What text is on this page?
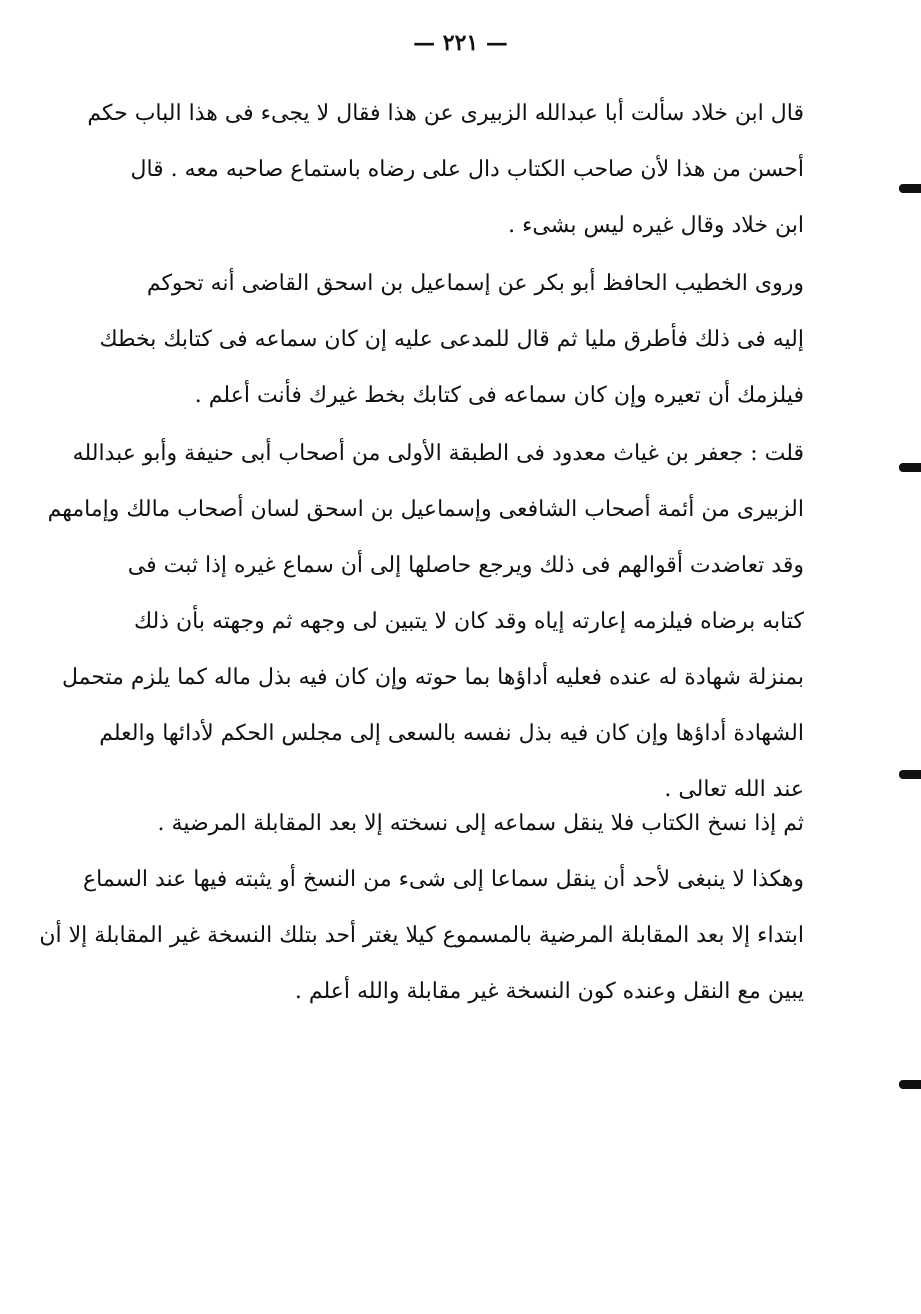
— ٢٢١ —
قال ابن خلاد سألت أبا عبدالله الزبيرى عن هذا فقال لا يجىء فى هذا الباب حكم
أحسن من هذا لأن صاحب الكتاب دال على رضاه باستماع صاحبه معه . قال
ابن خلاد وقال غيره ليس بشىء .
وروى الخطيب الحافظ أبو بكر عن إسماعيل بن اسحق القاضى أنه تحوكم
إليه فى ذلك فأطرق مليا ثم قال للمدعى عليه إن كان سماعه فى كتابك بخطك
فيلزمك أن تعيره وإن كان سماعه فى كتابك بخط غيرك فأنت أعلم .
قلت : جعفر بن غياث معدود فى الطبقة الأولى من أصحاب أبى حنيفة وأبو عبدالله
الزبيرى من أئمة أصحاب الشافعى وإسماعيل بن اسحق لسان أصحاب مالك وإمامهم
وقد تعاضدت أقوالهم فى ذلك ويرجع حاصلها إلى أن سماع غيره إذا ثبت فى
كتابه برضاه فيلزمه إعارته إياه وقد كان لا يتبين لى وجهه ثم وجهته بأن ذلك
بمنزلة شهادة له عنده فعليه أداؤها بما حوته وإن كان فيه بذل ماله كما يلزم متحمل
الشهادة أداؤها وإن كان فيه بذل نفسه بالسعى إلى مجلس الحكم لأدائها والعلم
عند الله تعالى .
ثم إذا نسخ الكتاب فلا ينقل سماعه إلى نسخته إلا بعد المقابلة المرضية .
وهكذا لا ينبغى لأحد أن ينقل سماعا إلى شىء من النسخ أو يثبته فيها عند السماع
ابتداء إلا بعد المقابلة المرضية بالمسموع كيلا يغتر أحد بتلك النسخة غير المقابلة إلا أن
يبين مع النقل وعنده كون النسخة غير مقابلة والله أعلم .
